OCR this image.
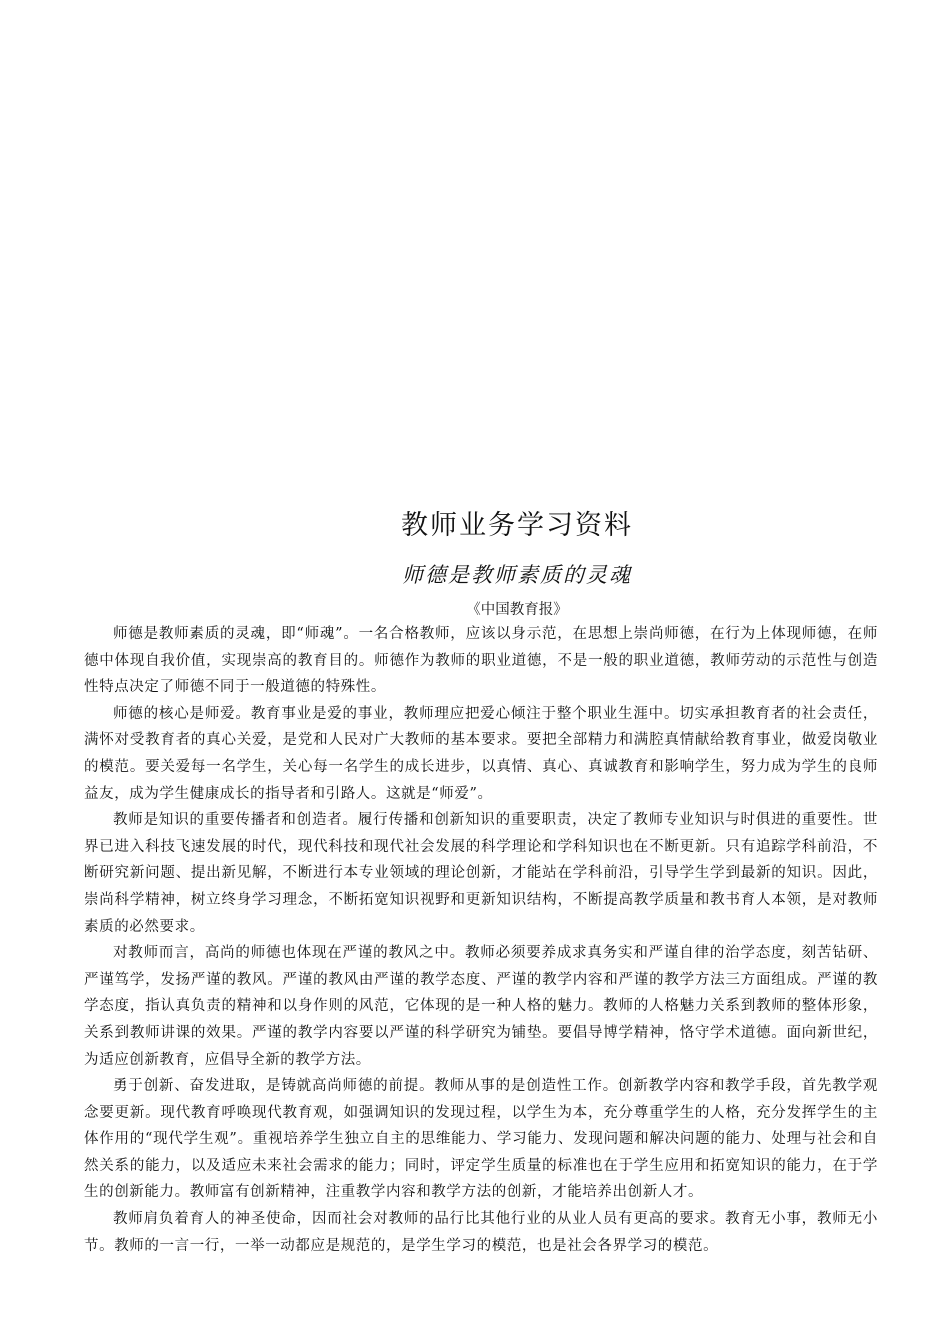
教师业务学习资料
师德是教师素质的灵魂
《中国教育报》

师德是教师素质的灵魂，即“师魂”。一名合格教师，应该以身示范，在思想上崇尚师德，在行为上体现师德，在师德中体现自我价值，实现崇高的教育目的。师德作为教师的职业道德，不是一般的职业道德，教师劳动的示范性与创造性特点决定了师德不同于一般道德的特殊性。

师德的核心是师爱。教育事业是爱的事业，教师理应把爱心倾注于整个职业生涯中。切实承担教育者的社会责任，满怀对受教育者的真心关爱，是党和人民对广大教师的基本要求。要把全部精力和满腔真情献给教育事业，做爱岗敬业的模范。要关爱每一名学生，关心每一名学生的成长进步，以真情、真心、真诚教育和影响学生，努力成为学生的良师益友，成为学生健康成长的指导者和引路人。这就是“师爱”。

教师是知识的重要传播者和创造者。履行传播和创新知识的重要职责，决定了教师专业知识与时俱进的重要性。世界已进入科技飞速发展的时代，现代科技和现代社会发展的科学理论和学科知识也在不断更新。只有追踪学科前沿，不断研究新问题、提出新见解，不断进行本专业领域的理论创新，才能站在学科前沿，引导学生学到最新的知识。因此，崇尚科学精神，树立终身学习理念，不断拓宽知识视野和更新知识结构，不断提高教学质量和教书育人本领，是对教师素质的必然要求。

对教师而言，高尚的师德也体现在严谨的教风之中。教师必须要养成求真务实和严谨自律的治学态度，刻苦钻研、严谨笃学，发扬严谨的教风。严谨的教风由严谨的教学态度、严谨的教学内容和严谨的教学方法三方面组成。严谨的教学态度，指认真负责的精神和以身作则的风范，它体现的是一种人格的魅力。教师的人格魅力关系到教师的整体形象，关系到教师讲课的效果。严谨的教学内容要以严谨的科学研究为铺垫。要倡导博学精神，恪守学术道德。面向新世纪，为适应创新教育，应倡导全新的教学方法。

勇于创新、奋发进取，是铸就高尚师德的前提。教师从事的是创造性工作。创新教学内容和教学手段，首先教学观念要更新。现代教育呼唤现代教育观，如强调知识的发现过程，以学生为本，充分尊重学生的人格，充分发挥学生的主体作用的“现代学生观”。重视培养学生独立自主的思维能力、学习能力、发现问题和解决问题的能力、处理与社会和自然关系的能力，以及适应未来社会需求的能力；同时，评定学生质量的标准也在于学生应用和拓宽知识的能力，在于学生的创新能力。教师富有创新精神，注重教学内容和教学方法的创新，才能培养出创新人才。

教师肩负着育人的神圣使命，因而社会对教师的品行比其他行业的从业人员有更高的要求。教育无小事，教师无小节。教师的一言一行，一举一动都应是规范的，是学生学习的模范，也是社会各界学习的模范。
